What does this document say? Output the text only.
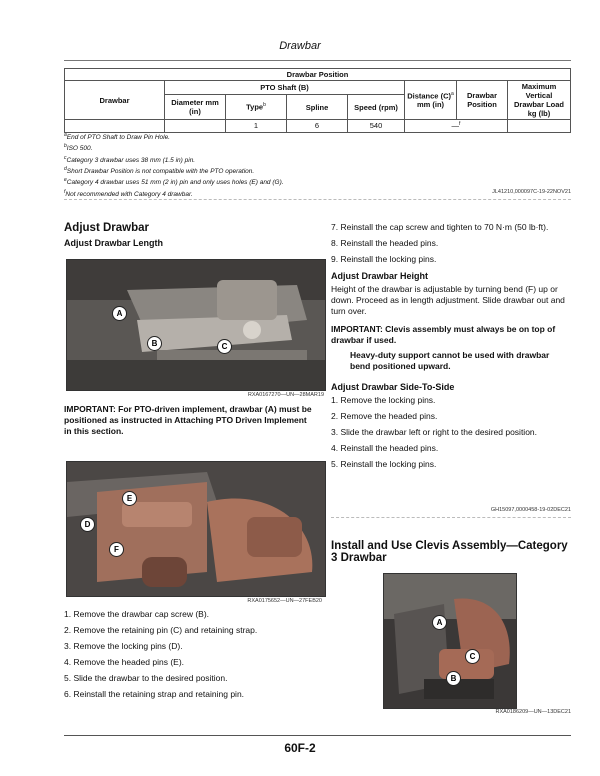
Drawbar
Drawbar Position							
Drawbar	PTO Shaft (B)				Distance $(C)^a$
mm (in)	Drawbar Position	Maximum Vertical Drawbar Load kg (lb)
	Diameter mm (in)	Type$^b$	Spline	Speed (rpm)			
		1	6	540	—$^f$	
$^a$End of PTO Shaft to Draw Pin Hole.
$^b$ISO 500.
$^c$Category 3 drawbar uses 38 mm (1.5 in) pin.
$^d$Short Drawbar Position is not compatible with the PTO operation.
$^e$Category 4 drawbar uses 51 mm (2 in) pin and only uses holes (E) and (G).
$^f$Not recommended with Category 4 drawbar.	JL41210,000097C-19-22NOV21
Adjust Drawbar
Adjust Drawbar Length
A
B	C
RXA0167270—UN—28MAR19
IMPORTANT: For PTO-driven implement, drawbar (A) must be positioned as instructed in Attaching PTO Driven Implement in this section.
E
D
F
RXA0175652—UN—27FEB20
1. Remove the drawbar cap screw (B).
2. Remove the retaining pin (C) and retaining strap.
3. Remove the locking pins (D).
4. Remove the headed pins (E).
5. Slide the drawbar to the desired position.
6. Reinstall the retaining strap and retaining pin.
7. Reinstall the cap screw and tighten to 70 N·m (50 lb·ft).
8. Reinstall the headed pins.
9. Reinstall the locking pins.
Adjust Drawbar Height
Height of the drawbar is adjustable by turning bend (F) up or down. Proceed as in length adjustment. Slide drawbar out and turn over.
IMPORTANT: Clevis assembly must always be on top of drawbar if used.
Heavy-duty support cannot be used with drawbar bend positioned upward.
Adjust Drawbar Side-To-Side
1. Remove the locking pins.
2. Remove the headed pins.
3. Slide the drawbar left or right to the desired position.
4. Reinstall the headed pins.
5. Reinstall the locking pins.
GH15097,0000458-19-02DEC21
Install and Use Clevis Assembly—Category 3 Drawbar
A
C
B
RXA0186209—UN—13DEC21
60F-2
